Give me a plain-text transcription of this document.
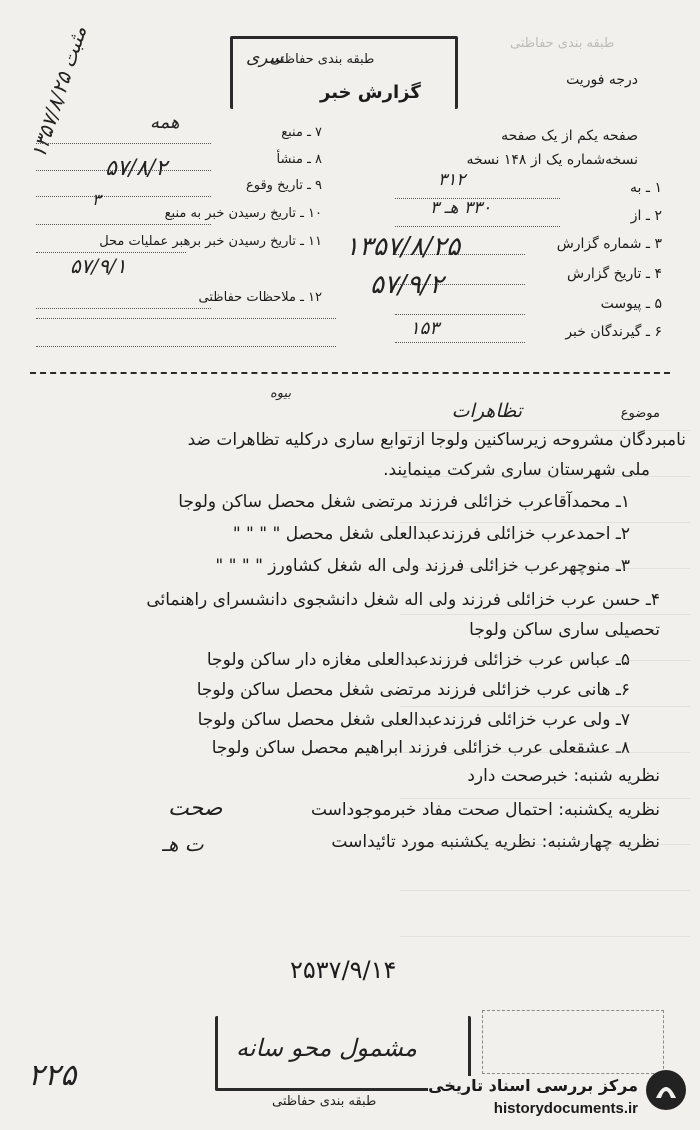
مثبت ۱۳۵۷/۸/۲۵	طبقه بندی حفاظتی
سری
گزارش خبر
طبقه بندی حفاظتی
درجه فوریت
صفحه یکم از یک صفحه
نسخه‌شماره یک از ۱۴۸ نسخه
۱ ـ به
۳۱۲
۲ ـ از
۳۳۰ هـ ۳
۳ ـ شماره گزارش
۱۳۵۷/۸/۲۵
۴ ـ تاریخ گزارش
۵۷/۹/۲
۵ ـ پیوست
۶ ـ گیرندگان خبر
۱۵۳
۷ ـ منبع
همه
۸ ـ منشأ
۹ ـ تاریخ وقوع
۵۷/۸/۲
۱۰ ـ تاریخ رسیدن خبر به منبع
۳
۱۱ ـ تاریخ رسیدن خبر برهبر عملیات محل
۵۷/۹/۱
۱۲ ـ ملاحظات حفاظتی
بیوه
موضوع
تظاهرات
نامبردگان مشروحه زیرساکنین ولوجا ازتوابع ساری درکلیه تظاهرات ضد
ملی شهرستان ساری شرکت مینمایند.
۱ـ محمدآقاعرب خزائلی فرزند مرتضی شغل محصل ساکن ولوجا
۲ـ احمدعرب خزائلی فرزندعبدالعلی شغل محصل " " " "
۳ـ منوچهرعرب خزائلی فرزند ولی اله شغل کشاورز " " " "
۴ـ حسن عرب خزائلی فرزند ولی اله شغل دانشجوی دانشسرای راهنمائی
تحصیلی ساری ساکن ولوجا
۵ـ عباس عرب خزائلی فرزندعبدالعلی مغازه دار ساکن ولوجا
۶ـ هانی عرب خزائلی فرزند مرتضی شغل محصل ساکن ولوجا
۷ـ ولی عرب خزائلی فرزندعبدالعلی شغل محصل ساکن ولوجا
۸ـ عشقعلی عرب خزائلی فرزند ابراهیم محصل ساکن ولوجا
نظریه شنبه: خبرصحت دارد
نظریه یکشنبه: احتمال صحت مفاد خبرموجوداست
نظریه چهارشنبه: نظریه یکشنبه مورد تائیداست
صحت
ت هـ
۲۵۳۷/۹/۱۴
۲۲۵
مشمول محو سانه
طبقه بندی حفاظتی
مرکز بررسی اسناد تاریخی
historydocuments.ir
